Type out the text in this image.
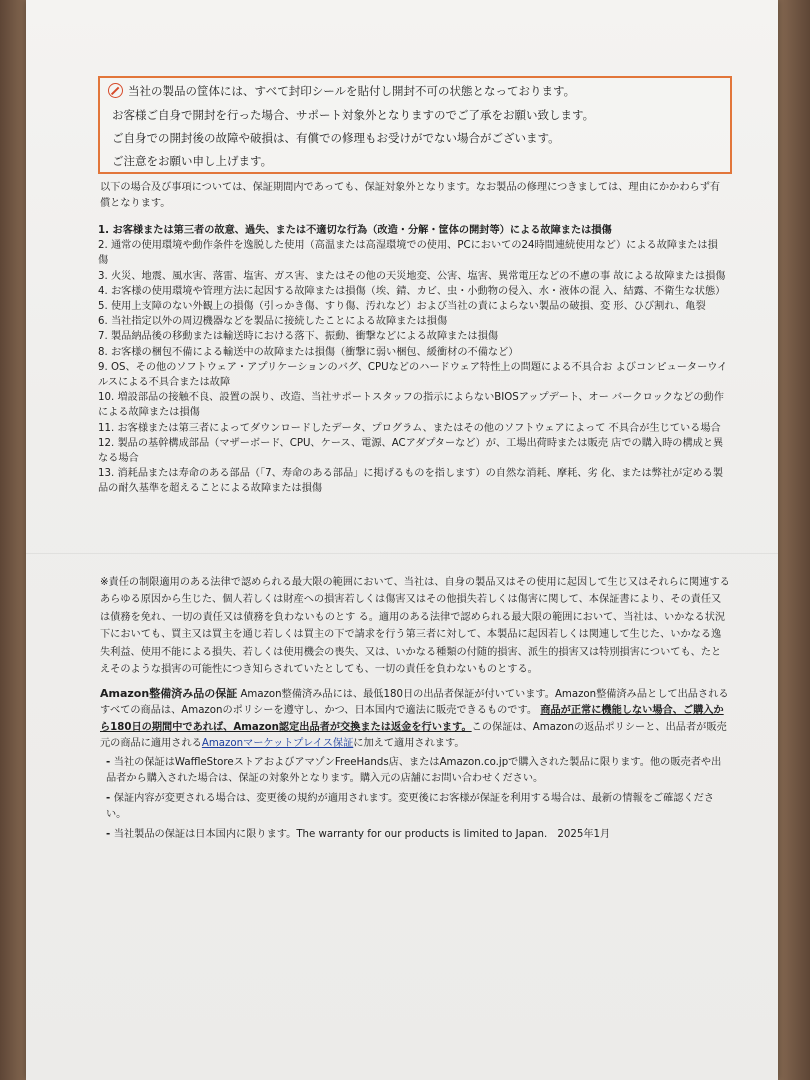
当社の製品の筐体には、すべて封印シールを貼付し開封不可の状態となっております。
お客様ご自身で開封を行った場合、サポート対象外となりますのでご了承をお願い致します。
ご自身での開封後の故障や破損は、有償での修理もお受けがでない場合がございます。
ご注意をお願い申し上げます。
以下の場合及び事項については、保証期間内であっても、保証対象外となります。なお製品の修理につきましては、理由にかかわらず有償となります。
1. お客様または第三者の故意、過失、または不適切な行為（改造・分解・筐体の開封等）による故障または損傷
2. 通常の使用環境や動作条件を逸脱した使用（高温または高湿環境での使用、PCにおいての24時間連続使用など）による故障または損傷
3. 火災、地震、風水害、落雷、塩害、ガス害、またはその他の天災地変、公害、塩害、異常電圧などの不慮の事 故による故障または損傷
4. お客様の使用環境や管理方法に起因する故障または損傷（埃、錆、カビ、虫・小動物の侵入、水・液体の混 入、結露、不衛生な状態）
5. 使用上支障のない外観上の損傷（引っかき傷、すり傷、汚れなど）および当社の責によらない製品の破損、変 形、ひび割れ、亀裂
6. 当社指定以外の周辺機器などを製品に接続したことによる故障または損傷
7. 製品納品後の移動または輸送時における落下、振動、衝撃などによる故障または損傷
8. お客様の梱包不備による輸送中の故障または損傷（衝撃に弱い梱包、緩衝材の不備など）
9. OS、その他のソフトウェア・アプリケーションのバグ、CPUなどのハードウェア特性上の問題による不具合お よびコンピューターウイルスによる不具合または故障
10. 増設部品の接触不良、設置の誤り、改造、当社サポートスタッフの指示によらないBIOSアップデート、オー バークロックなどの動作による故障または損傷
11. お客様または第三者によってダウンロードしたデータ、プログラム、またはその他のソフトウェアによって 不具合が生じている場合
12. 製品の基幹構成部品（マザーボード、CPU、ケース、電源、ACアダプターなど）が、工場出荷時または販売 店での購入時の構成と異なる場合
13. 消耗品または寿命のある部品（「7、寿命のある部品」に掲げるものを指します）の自然な消耗、摩耗、劣 化、または弊社が定める製品の耐久基準を超えることによる故障または損傷
※責任の制限適用のある法律で認められる最大限の範囲において、当社は、自身の製品又はその使用に起因して生じ又はそれらに関連するあらゆる原因から生じた、個人若しくは財産への損害若しくは傷害又はその他損失若しくは傷害に関して、本保証書により、その責任又は債務を免れ、一切の責任又は債務を負わないものとす る。適用のある法律で認められる最大限の範囲において、当社は、いかなる状況下においても、買主又は買主を通じ若しくは買主の下で請求を行う第三者に対して、本製品に起因若しくは関連して生じた、いかなる逸失利益、使用不能による損失、若しくは使用機会の喪失、又は、いかなる種類の付随的損害、派生的損害又は特別損害についても、たとえそのような損害の可能性につき知らされていたとしても、一切の責任を負わないものとする。
Amazon整備済み品の保証 Amazon整備済み品には、最低180日の出品者保証が付いています。Amazon整備済み品として出品されるすべての商品は、Amazonのポリシーを遵守し、かつ、日本国内で適法に販売できるものです。 商品が正常に機能しない場合、ご購入から180日の期間中であれば、Amazon認定出品者が交換または返金を行います。この保証は、Amazonの返品ポリシーと、出品者が販売元の商品に適用されるAmazonマーケットプレイス保証に加えて適用されます。
- 当社の保証はWaffleStoreストアおよびアマゾンFreeHands店、またはAmazon.co.jpで購入された製品に限ります。他の販売者や出品者から購入された場合は、保証の対象外となります。購入元の店舗にお問い合わせください。
- 保証内容が変更される場合は、変更後の規約が適用されます。変更後にお客様が保証を利用する場合は、最新の情報をご確認ください。
- 当社製品の保証は日本国内に限ります。The warranty for our products is limited to Japan.　2025年1月
